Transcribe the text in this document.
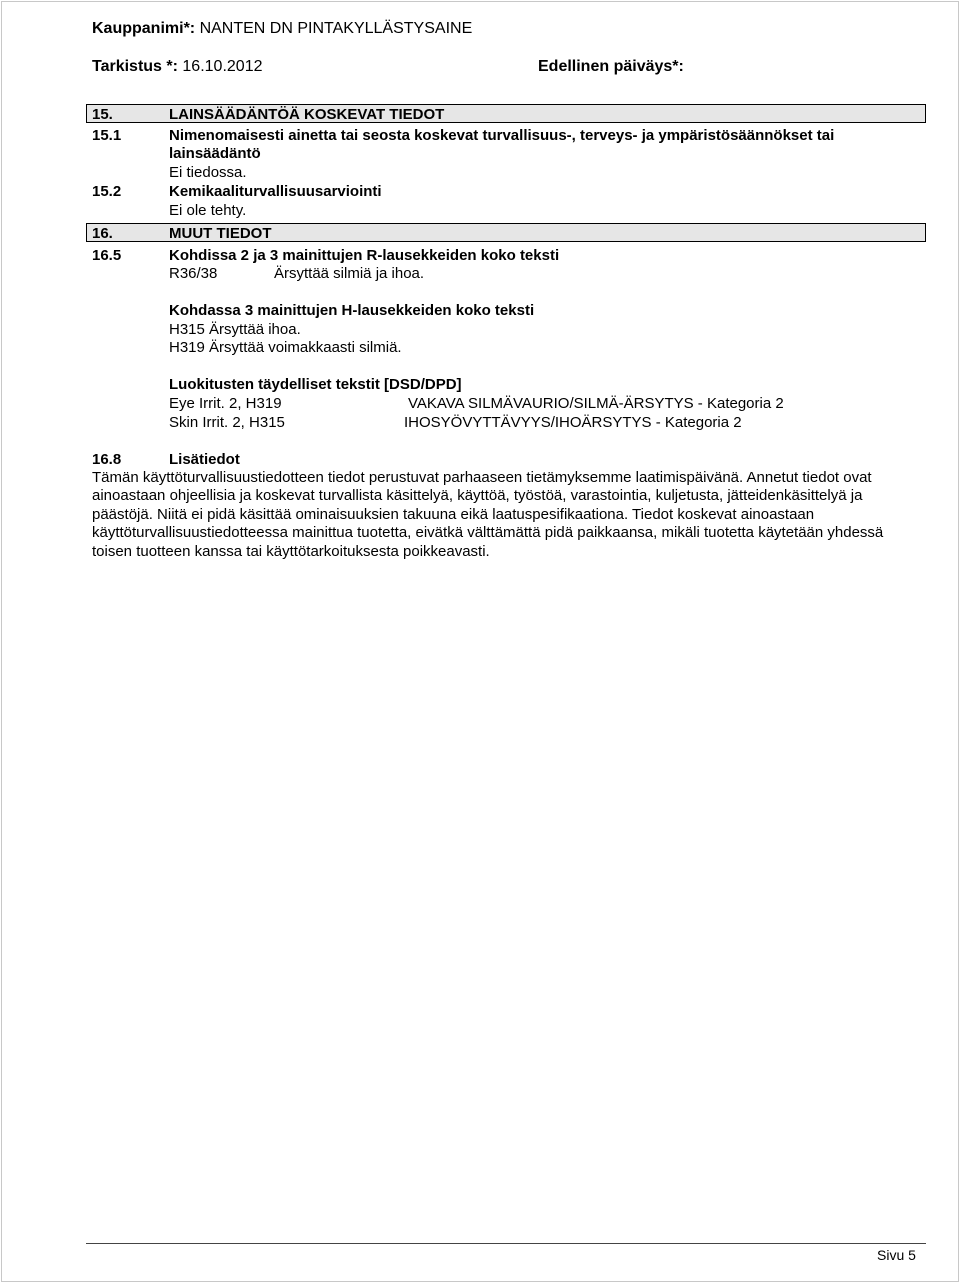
Kauppanimi*: NANTEN DN PINTAKYLLÄSTYSAINE
Tarkistus *: 16.10.2012	Edellinen päiväys*:
15.	LAINSÄÄDÄNTÖÄ KOSKEVAT TIEDOT
15.1	Nimenomaisesti ainetta tai seosta koskevat turvallisuus-, terveys- ja ympäristösäännökset tai
lainsäädäntö
Ei tiedossa.
15.2	Kemikaaliturvallisuusarviointi
Ei ole tehty.
16.	MUUT TIEDOT
16.5	Kohdissa 2 ja 3 mainittujen R-lausekkeiden koko teksti
R36/38	Ärsyttää silmiä ja ihoa.
Kohdassa 3 mainittujen H-lausekkeiden koko teksti
H315 Ärsyttää ihoa.
H319 Ärsyttää voimakkaasti silmiä.
Luokitusten täydelliset tekstit [DSD/DPD]
Eye Irrit. 2, H319	VAKAVA SILMÄVAURIO/SILMÄ-ÄRSYTYS - Kategoria 2
Skin Irrit. 2, H315	IHOSYÖVYTTÄVYYS/IHOÄRSYTYS - Kategoria 2
16.8	Lisätiedot
Tämän käyttöturvallisuustiedotteen tiedot perustuvat parhaaseen tietämyksemme laatimispäivänä. Annetut tiedot ovat ainoastaan ohjeellisia ja koskevat turvallista käsittelyä, käyttöä, työstöä, varastointia, kuljetusta, jätteidenkäsittelyä ja päästöjä. Niitä ei pidä käsittää ominaisuuksien takuuna eikä laatuspesifikaationa. Tiedot koskevat ainoastaan käyttöturvallisuustiedotteessa mainittua tuotetta, eivätkä välttämättä pidä paikkaansa, mikäli tuotetta käytetään yhdessä toisen tuotteen kanssa tai käyttötarkoituksesta poikkeavasti.
Sivu 5
